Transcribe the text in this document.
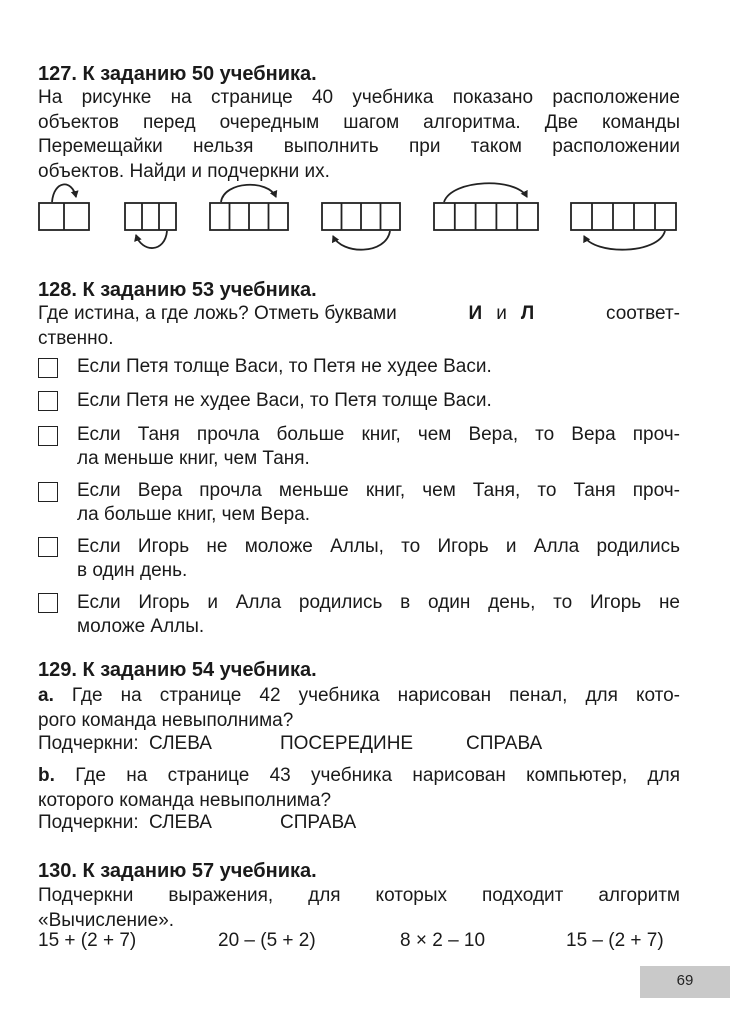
127. К заданию 50 учебника.
На рисунке на странице 40 учебника показано расположение
объектов перед очередным шагом алгоритма. Две команды
Перемещайки нельзя выполнить при таком расположении
объектов. Найди и подчеркни их.
128. К заданию 53 учебника.
Где истина, а где ложь? Отметь буквами	И и Л	соответ-
ственно.
Если Петя толще Васи, то Петя не худее Васи.
Если Петя не худее Васи, то Петя толще Васи.
Если Таня прочла больше книг, чем Вера, то Вера проч-
ла меньше книг, чем Таня.
Если Вера прочла меньше книг, чем Таня, то Таня проч-
ла больше книг, чем Вера.
Если Игорь не моложе Аллы, то Игорь и Алла родились
в один день.
Если Игорь и Алла родились в один день, то Игорь не
моложе Аллы.
129. К заданию 54 учебника.
a. Где на странице 42 учебника нарисован пенал, для кото-
рого команда невыполнима?
Подчеркни: СЛЕВА	ПОСЕРЕДИНЕ	СПРАВА
b. Где на странице 43 учебника нарисован компьютер, для
которого команда невыполнима?
Подчеркни: СЛЕВА	СПРАВА
130. К заданию 57 учебника.
Подчеркни выражения, для которых подходит алгоритм
«Вычисление».
15 + (2 + 7)	20 – (5 + 2)	8 × 2 – 10	15 – (2 + 7)
69
